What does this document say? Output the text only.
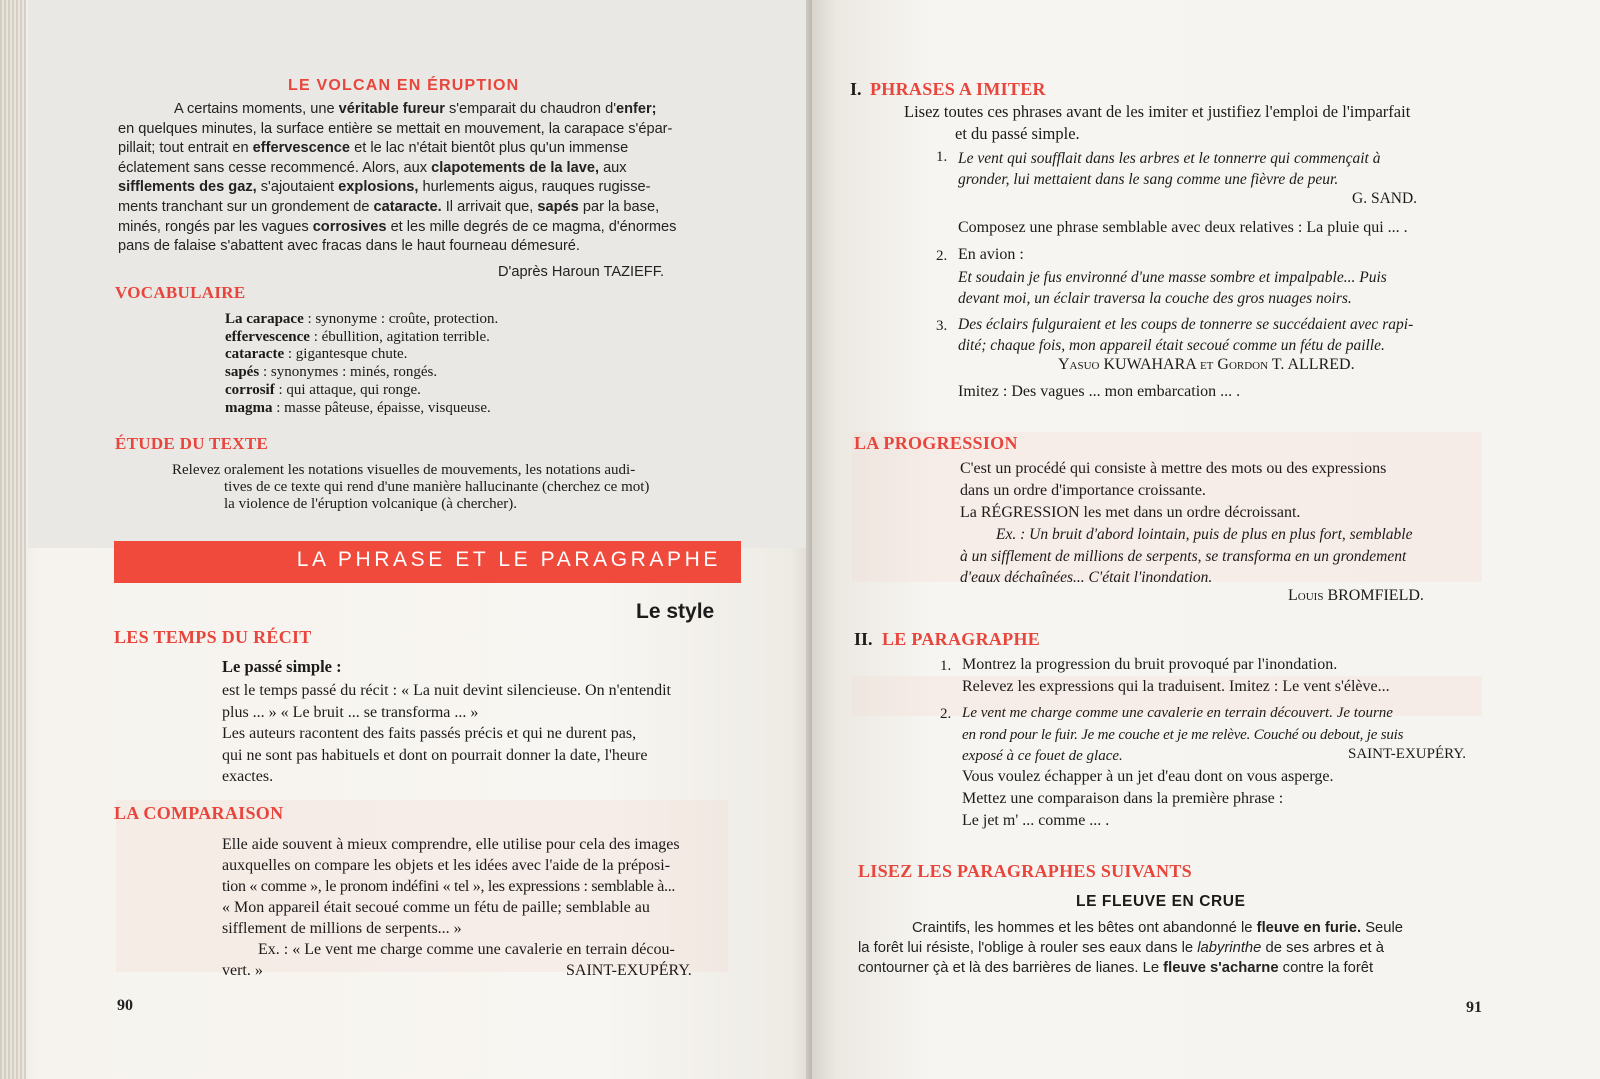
LE VOLCAN EN ÉRUPTION

A certains moments, une véritable fureur s'emparait du chaudron d'enfer;

en quelques minutes, la surface entière se mettait en mouvement, la carapace s'épar-

pillait; tout entrait en effervescence et le lac n'était bientôt plus qu'un immense

éclatement sans cesse recommencé. Alors, aux clapotements de la lave, aux

sifflements des gaz, s'ajoutaient explosions, hurlements aigus, rauques rugisse-

ments tranchant sur un grondement de cataracte. Il arrivait que, sapés par la base,

minés, rongés par les vagues corrosives et les mille degrés de ce magma, d'énormes

pans de falaise s'abattent avec fracas dans le haut fourneau démesuré.

D'après Haroun TAZIEFF.
VOCABULAIRE
La carapace : synonyme : croûte, protection.
effervescence : ébullition, agitation terrible.
cataracte : gigantesque chute.
sapés : synonymes : minés, rongés.
corrosif : qui attaque, qui ronge.
magma : masse pâteuse, épaisse, visqueuse.
ÉTUDE DU TEXTE

Relevez oralement les notations visuelles de mouvements, les notations audi-

tives de ce texte qui rend d'une manière hallucinante (cherchez ce mot)

la violence de l'éruption volcanique (à chercher).

LA PHRASE ET LE PARAGRAPHE
Le style
LES TEMPS DU RÉCIT
Le passé simple :

est le temps passé du récit : « La nuit devint silencieuse. On n'entendit

plus ... » « Le bruit ... se transforma ... »

Les auteurs racontent des faits passés précis et qui ne durent pas,

qui ne sont pas habituels et dont on pourrait donner la date, l'heure

exactes.

LA COMPARAISON

Elle aide souvent à mieux comprendre, elle utilise pour cela des images

auxquelles on compare les objets et les idées avec l'aide de la préposi-

tion « comme », le pronom indéfini « tel », les expressions : semblable à...

« Mon appareil était secoué comme un fétu de paille; semblable au

sifflement de millions de serpents... »

Ex. : « Le vent me charge comme une cavalerie en terrain décou-

vert. »	SAINT-EXUPÉRY.
90
I. PHRASES A IMITER

Lisez toutes ces phrases avant de les imiter et justifiez l'emploi de l'imparfait

et du passé simple.

1. Le vent qui soufflait dans les arbres et le tonnerre qui commençait à

gronder, lui mettaient dans le sang comme une fièvre de peur.

G. SAND.
Composez une phrase semblable avec deux relatives : La pluie qui ... .
2. En avion :

Et soudain je fus environné d'une masse sombre et impalpable... Puis

devant moi, un éclair traversa la couche des gros nuages noirs.

3. Des éclairs fulguraient et les coups de tonnerre se succédaient avec rapi-

dité; chaque fois, mon appareil était secoué comme un fétu de paille.

Yasuo KUWAHARA et Gordon T. ALLRED.
Imitez : Des vagues ... mon embarcation ... .
LA PROGRESSION

C'est un procédé qui consiste à mettre des mots ou des expressions

dans un ordre d'importance croissante.

La RÉGRESSION les met dans un ordre décroissant.

Ex. : Un bruit d'abord lointain, puis de plus en plus fort, semblable

à un sifflement de millions de serpents, se transforma en un grondement

d'eaux déchaînées... C'était l'inondation.

Louis BROMFIELD.
II. LE PARAGRAPHE
1. Montrez la progression du bruit provoqué par l'inondation.

Relevez les expressions qui la traduisent. Imitez : Le vent s'élève...

2. Le vent me charge comme une cavalerie en terrain découvert. Je tourne

en rond pour le fuir. Je me couche et je me relève. Couché ou debout, je suis

exposé à ce fouet de glace.	SAINT-EXUPÉRY.

Vous voulez échapper à un jet d'eau dont on vous asperge.

Mettez une comparaison dans la première phrase :

Le jet m' ... comme ... .

LISEZ LES PARAGRAPHES SUIVANTS
LE FLEUVE EN CRUE

Craintifs, les hommes et les bêtes ont abandonné le fleuve en furie. Seule

la forêt lui résiste, l'oblige à rouler ses eaux dans le labyrinthe de ses arbres et à

contourner çà et là des barrières de lianes. Le fleuve s'acharne contre la forêt

91
